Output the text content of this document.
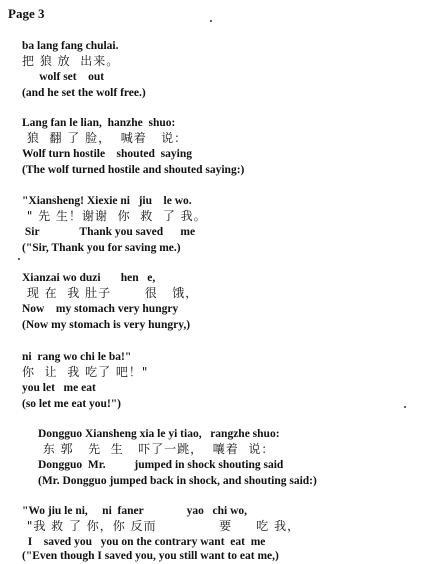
Page 3
ba lang fang chulai.
把 狼 放  出来。
wolf set    out
(and he set the wolf free.)
Lang fan le lian,  hanzhe  shuo:
狼  翻 了 脸，  喊着   说：
Wolf turn hostile    shouted  saying
(The wolf turned hostile and shouted saying:)
"Xiansheng! Xiexie ni   jiu    le wo.
" 先 生！谢谢  你  救  了 我。
Sir              Thank you saved      me
("Sir, Thank you for saving me.)
Xianzai wo duzi       hen   e,
现 在  我 肚子       很   饿，
Now    my stomach very hungry
(Now my stomach is very hungry,)
ni  rang wo chi le ba!"
你  让  我 吃了 吧！"
you let   me eat
(so let me eat you!")
Dongguo Xiansheng xia le yi tiao,   rangzhe shuo:
东 郭   先  生   吓了一跳，  嚷着  说：
Dongguo  Mr.          jumped in shock shouting said
(Mr. Dongguo jumped back in shock, and shouting said:)
"Wo jiu le ni,     ni  faner               yao   chi wo,
"我 救 了 你，你 反而             要     吃 我，
I    saved you   you on the contrary want  eat  me
("Even though I saved you, you still want to eat me,)
